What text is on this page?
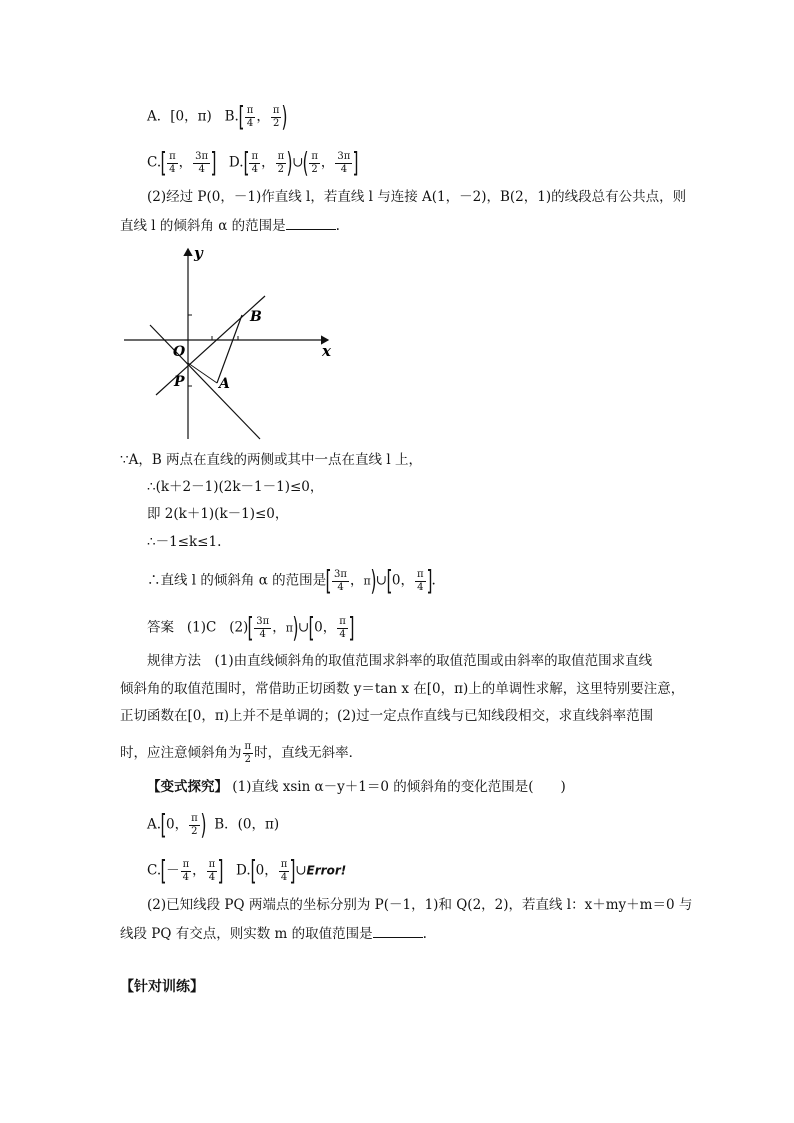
A．[0，π) $B.[ \frac{\pi}{4}$ ， $\frac{\pi}{2}$ )
$C.[ \frac{\pi}{4}$ ， $\frac{3\pi}{4}$ ] $D.[ \frac{\pi}{4}$ ， $\frac{\pi}{2}$ )∪( $\frac{\pi}{2}$ ， $\frac{3\pi}{4}$ ]
(2)经过 P(0，－1)作直线 l，若直线 l 与连接 A(1，－2)，B(2，1)的线段总有公共点，则
直线 l 的倾斜角 α 的范围是	.
y
x
O
P A
B
∵A，B 两点在直线的两侧或其中一点在直线 l 上，
∴(k＋2－1)(2k－1－1)≤0，
即 2(k＋1)(k－1)≤0，
∴－1≤k≤1.
∴直线 l 的倾斜角 α 的范围是[ $\frac{3\pi}{4}$ ，π)∪[0， $\frac{\pi}{4}$ ].
答案 (1)C $(2)[ \frac{3\pi}{4}$ ，π)∪[0， $\frac{\pi}{4}$ ]
规律方法　(1)由直线倾斜角的取值范围求斜率的取值范围或由斜率的取值范围求直线
倾斜角的取值范围时，常借助正切函数 y＝tan x 在[0，π)上的单调性求解，这里特别要注意，
正切函数在[0，π)上并不是单调的；(2)过一定点作直线与已知线段相交，求直线斜率范围
时，应注意倾斜角为 $\frac{\pi}{2}$ 时，直线无斜率．
【变式探究】 (1)直线 xsin α－y＋1＝0 的倾斜角的变化范围是(　　)
A.[0， $\frac{\pi}{2}$ ) B．(0，π)
$C.[- \frac{\pi}{4}$ ， $\frac{\pi}{4}$ ] D.[0， $\frac{\pi}{4}$ ]∪Error!
(2)已知线段 PQ 两端点的坐标分别为 P(－1，1)和 Q(2，2)，若直线 l：x＋my＋m＝0 与
线段 PQ 有交点，则实数 m 的取值范围是	.
【针对训练】
